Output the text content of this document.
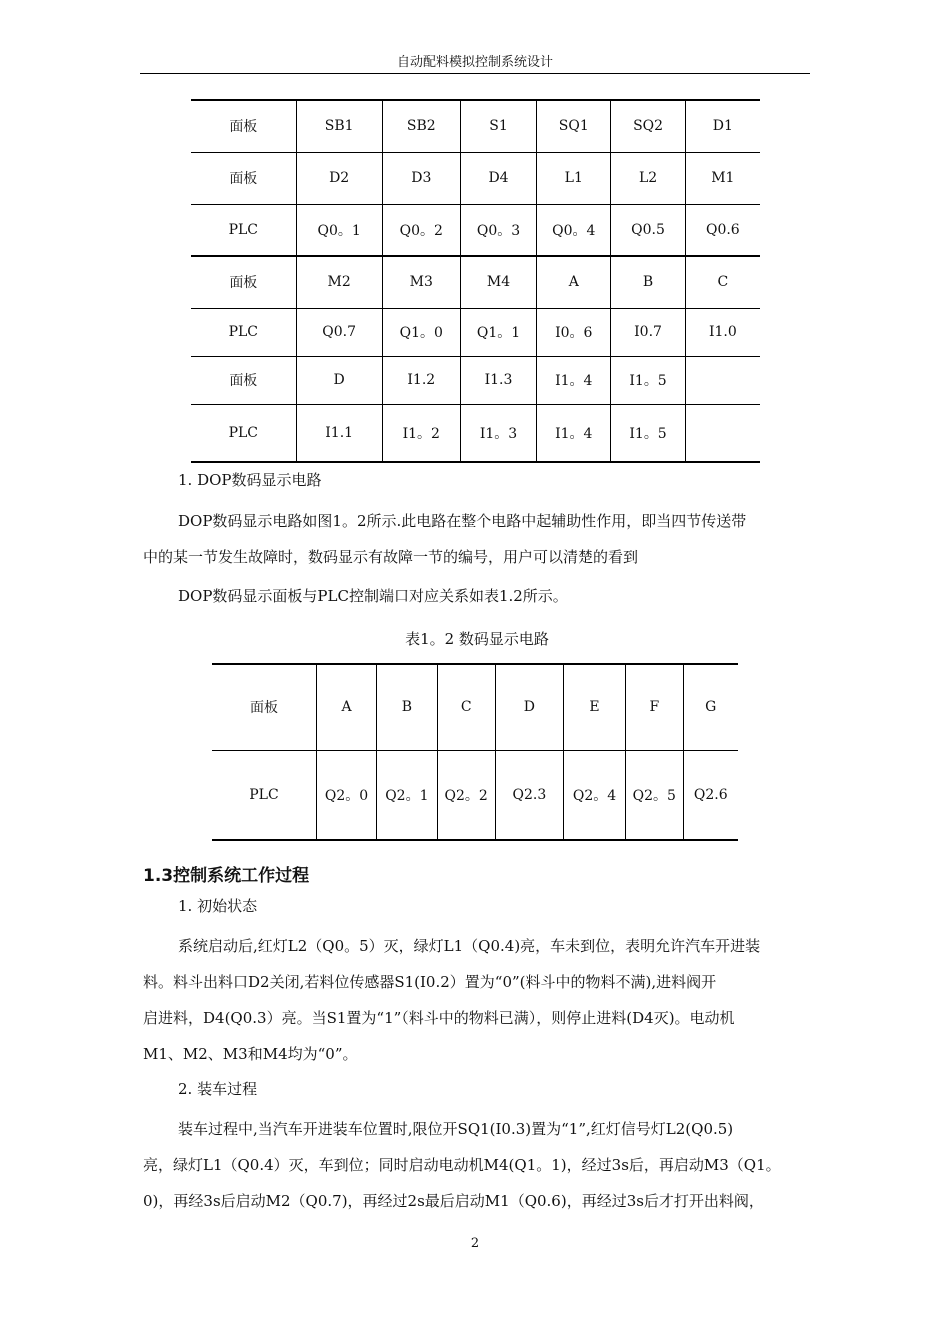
自动配料模拟控制系统设计
面板	SB1	SB2	S1	SQ1	SQ2	D1
面板	D2	D3	D4	L1	L2	M1
PLC	Q0。1	Q0。2	Q0。3	Q0。4	Q0.5	Q0.6
面板	M2	M3	M4	A	B	C
PLC	Q0.7	Q1。0	Q1。1	I0。6	I0.7	I1.0
面板	D	I1.2	I1.3	I1。4	I1。5	
PLC	I1.1	I1。2	I1。3	I1。4	I1。5	
1. DOP数码显示电路
DOP数码显示电路如图1。2所示.此电路在整个电路中起辅助性作用，即当四节传送带
中的某一节发生故障时，数码显示有故障一节的编号，用户可以清楚的看到
DOP数码显示面板与PLC控制端口对应关系如表1.2所示。
表1。2 数码显示电路
面板	A	B	C	D	E	F	G
PLC	Q2。0	Q2。1	Q2。2	Q2.3	Q2。4	Q2。5	Q2.6
1.3控制系统工作过程
1. 初始状态
系统启动后,红灯L2（Q0。5）灭，绿灯L1（Q0.4)亮，车未到位，表明允许汽车开进装
料。料斗出料口D2关闭,若料位传感器S1(I0.2）置为“0”(料斗中的物料不满),进料阀开
启进料，D4(Q0.3）亮。当S1置为“1”（料斗中的物料已满），则停止进料(D4灭)。电动机
M1、M2、M3和M4均为“0”。
2. 装车过程
装车过程中,当汽车开进装车位置时,限位开SQ1(I0.3)置为“1”,红灯信号灯L2(Q0.5)
亮，绿灯L1（Q0.4）灭，车到位；同时启动电动机M4(Q1。1)，经过3s后，再启动M3（Q1。
0)，再经3s后启动M2（Q0.7)，再经过2s最后启动M1（Q0.6)，再经过3s后才打开出料阀，
2
